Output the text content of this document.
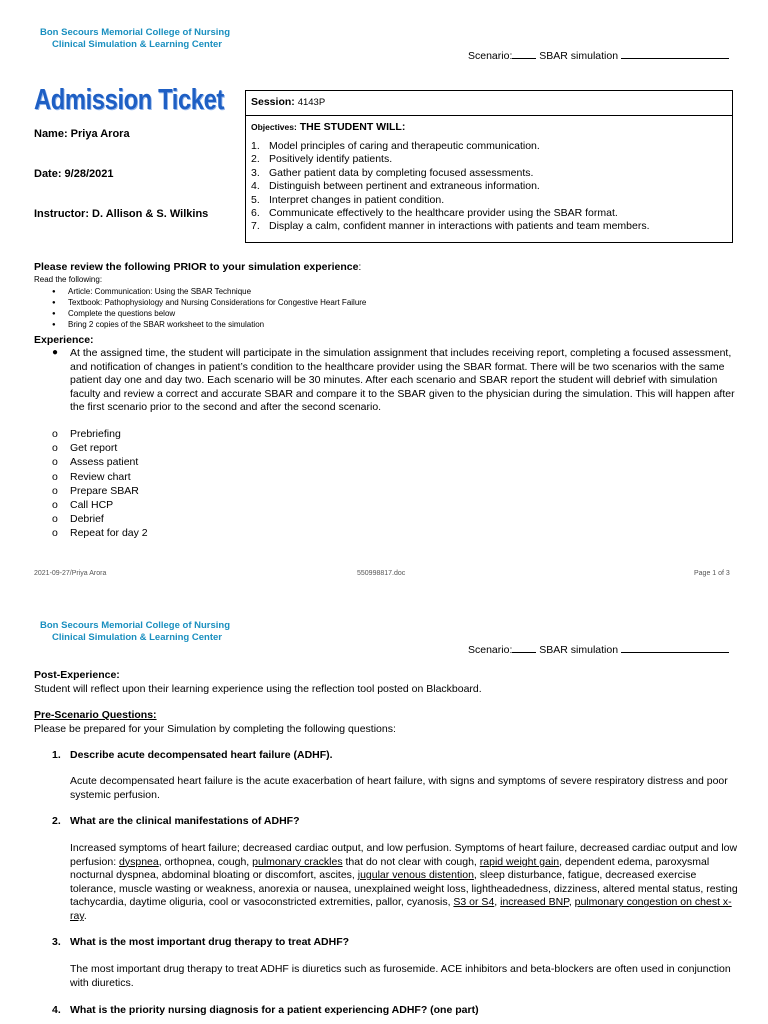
Bon Secours Memorial College of Nursing
Clinical Simulation & Learning Center
Scenario:	SBAR simulation
Admission Ticket
Name: Priya Arora
Date: 9/28/2021
Instructor: D. Allison & S. Wilkins
Session: 4143P
Objectives: THE STUDENT WILL:
1. Model principles of caring and therapeutic communication.
2. Positively identify patients.
3. Gather patient data by completing focused assessments.
4. Distinguish between pertinent and extraneous information.
5. Interpret changes in patient condition.
6. Communicate effectively to the healthcare provider using the SBAR format.
7. Display a calm, confident manner in interactions with patients and team members.
Please review the following PRIOR to your simulation experience:
Read the following:
● Article: Communication: Using the SBAR Technique
● Textbook: Pathophysiology and Nursing Considerations for Congestive Heart Failure
● Complete the questions below
● Bring 2 copies of the SBAR worksheet to the simulation
Experience:
● At the assigned time, the student will participate in the simulation assignment that includes receiving report, completing a focused assessment, and notification of changes in patient’s condition to the healthcare provider using the SBAR format. There will be two scenarios with the same patient day one and day two. Each scenario will be 30 minutes. After each scenario and SBAR report the student will debrief with simulation faculty and review a correct and accurate SBAR and compare it to the SBAR given to the physician during the simulation. This will happen after the first scenario prior to the second and after the second scenario.
o Prebriefing
o Get report
o Assess patient
o Review chart
o Prepare SBAR
o Call HCP
o Debrief
o Repeat for day 2
2021-09-27/Priya Arora	550998817.doc	Page 1 of 3
Bon Secours Memorial College of Nursing
Clinical Simulation & Learning Center
Scenario:	SBAR simulation
Post-Experience:
Student will reflect upon their learning experience using the reflection tool posted on Blackboard.
Pre-Scenario Questions:
Please be prepared for your Simulation by completing the following questions:
1. Describe acute decompensated heart failure (ADHF).
Acute decompensated heart failure is the acute exacerbation of heart failure, with signs and symptoms of severe respiratory distress and poor systemic perfusion.
2. What are the clinical manifestations of ADHF?
Increased symptoms of heart failure; decreased cardiac output, and low perfusion. Symptoms of heart failure, decreased cardiac output and low perfusion: dyspnea, orthopnea, cough, pulmonary crackles that do not clear with cough, rapid weight gain, dependent edema, paroxysmal nocturnal dyspnea, abdominal bloating or discomfort, ascites, jugular venous distention, sleep disturbance, fatigue, decreased exercise tolerance, muscle wasting or weakness, anorexia or nausea, unexplained weight loss, lightheadedness, dizziness, altered mental status, resting tachycardia, daytime oliguria, cool or vasoconstricted extremities, pallor, cyanosis, S3 or S4, increased BNP, pulmonary congestion on chest x-ray.
3. What is the most important drug therapy to treat ADHF?
The most important drug therapy to treat ADHF is diuretics such as furosemide. ACE inhibitors and beta-blockers are often used in conjunction with diuretics.
4. What is the priority nursing diagnosis for a patient experiencing ADHF? (one part)
